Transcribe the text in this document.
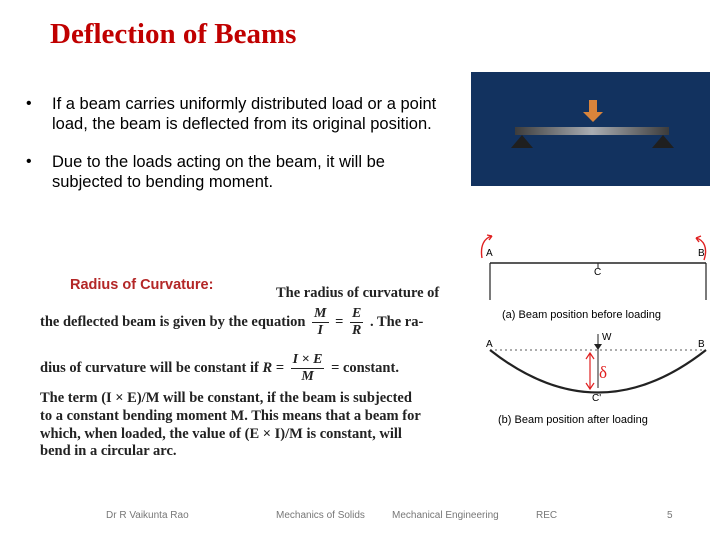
Deflection of Beams
•	If a beam carries uniformly distributed load or a point load, the beam is deflected from its original position.
•	Due to the loads acting on the beam, it will be subjected to bending moment.
Radius of Curvature:	The radius of curvature of
the deflected beam is given by the equation $\frac{M}{I} = \frac{E}{R}$ . The ra-
dius of curvature will be constant if $R = \frac{I \times E}{M}$ = constant.
The term (I × E)/M will be constant, if the beam is subjected
to a constant bending moment M. This means that a beam for
which, when loaded, the value of (E × I)/M is constant, will
bend in a circular arc.
A	B
C
(a) Beam position before loading
W
A	B
C'
δ
(b) Beam position after loading
Dr R Vaikunta Rao	Mechanics of Solids	Mechanical Engineering	REC	5
